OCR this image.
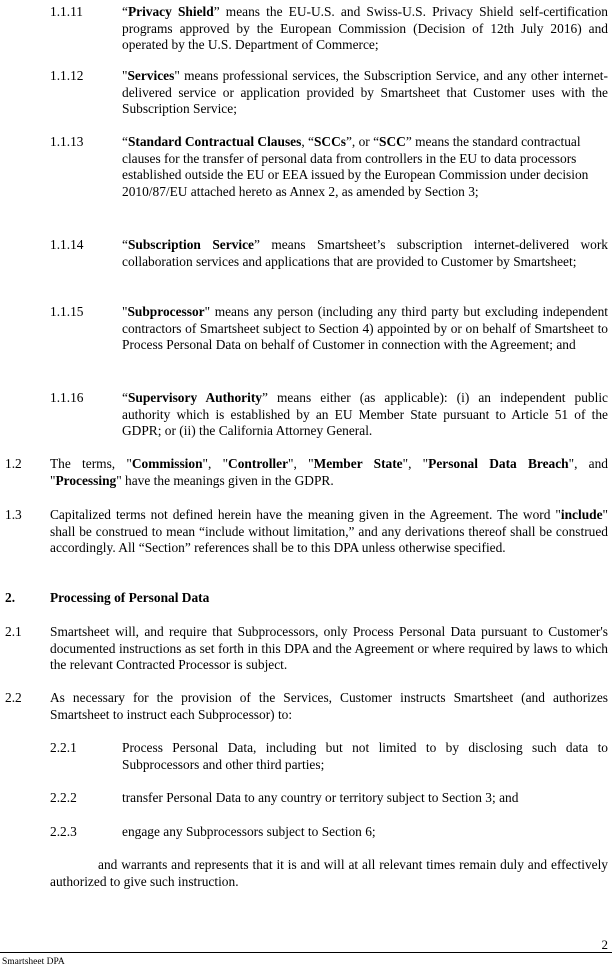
1.1.11	“Privacy Shield” means the EU-U.S. and Swiss-U.S. Privacy Shield self-certification programs approved by the European Commission (Decision of 12th July 2016) and operated by the U.S. Department of Commerce;
1.1.12	"Services" means professional services, the Subscription Service, and any other internet-delivered service or application provided by Smartsheet that Customer uses with the Subscription Service;
1.1.13	“Standard Contractual Clauses, “SCCs”, or “SCC” means the standard contractual clauses for the transfer of personal data from controllers in the EU to data processors established outside the EU or EEA issued by the European Commission under decision 2010/87/EU attached hereto as Annex 2, as amended by Section 3;
1.1.14	“Subscription Service” means Smartsheet’s subscription internet-delivered work collaboration services and applications that are provided to Customer by Smartsheet;
1.1.15	"Subprocessor" means any person (including any third party but excluding independent contractors of Smartsheet subject to Section 4) appointed by or on behalf of Smartsheet to Process Personal Data on behalf of Customer in connection with the Agreement; and
1.1.16	“Supervisory Authority” means either (as applicable): (i) an independent public authority which is established by an EU Member State pursuant to Article 51 of the GDPR; or (ii) the California Attorney General.
1.2	The terms, "Commission", "Controller", "Member State", "Personal Data Breach", and "Processing" have the meanings given in the GDPR.
1.3	Capitalized terms not defined herein have the meaning given in the Agreement. The word "include" shall be construed to mean “include without limitation,” and any derivations thereof shall be construed accordingly. All “Section” references shall be to this DPA unless otherwise specified.
2.	Processing of Personal Data
2.1	Smartsheet will, and require that Subprocessors, only Process Personal Data pursuant to Customer's documented instructions as set forth in this DPA and the Agreement or where required by laws to which the relevant Contracted Processor is subject.
2.2	As necessary for the provision of the Services, Customer instructs Smartsheet (and authorizes Smartsheet to instruct each Subprocessor) to:
2.2.1	Process Personal Data, including but not limited to by disclosing such data to Subprocessors and other third parties;
2.2.2	transfer Personal Data to any country or territory subject to Section 3; and
2.2.3	engage any Subprocessors subject to Section 6;
and warrants and represents that it is and will at all relevant times remain duly and effectively authorized to give such instruction.
2
Smartsheet DPA
